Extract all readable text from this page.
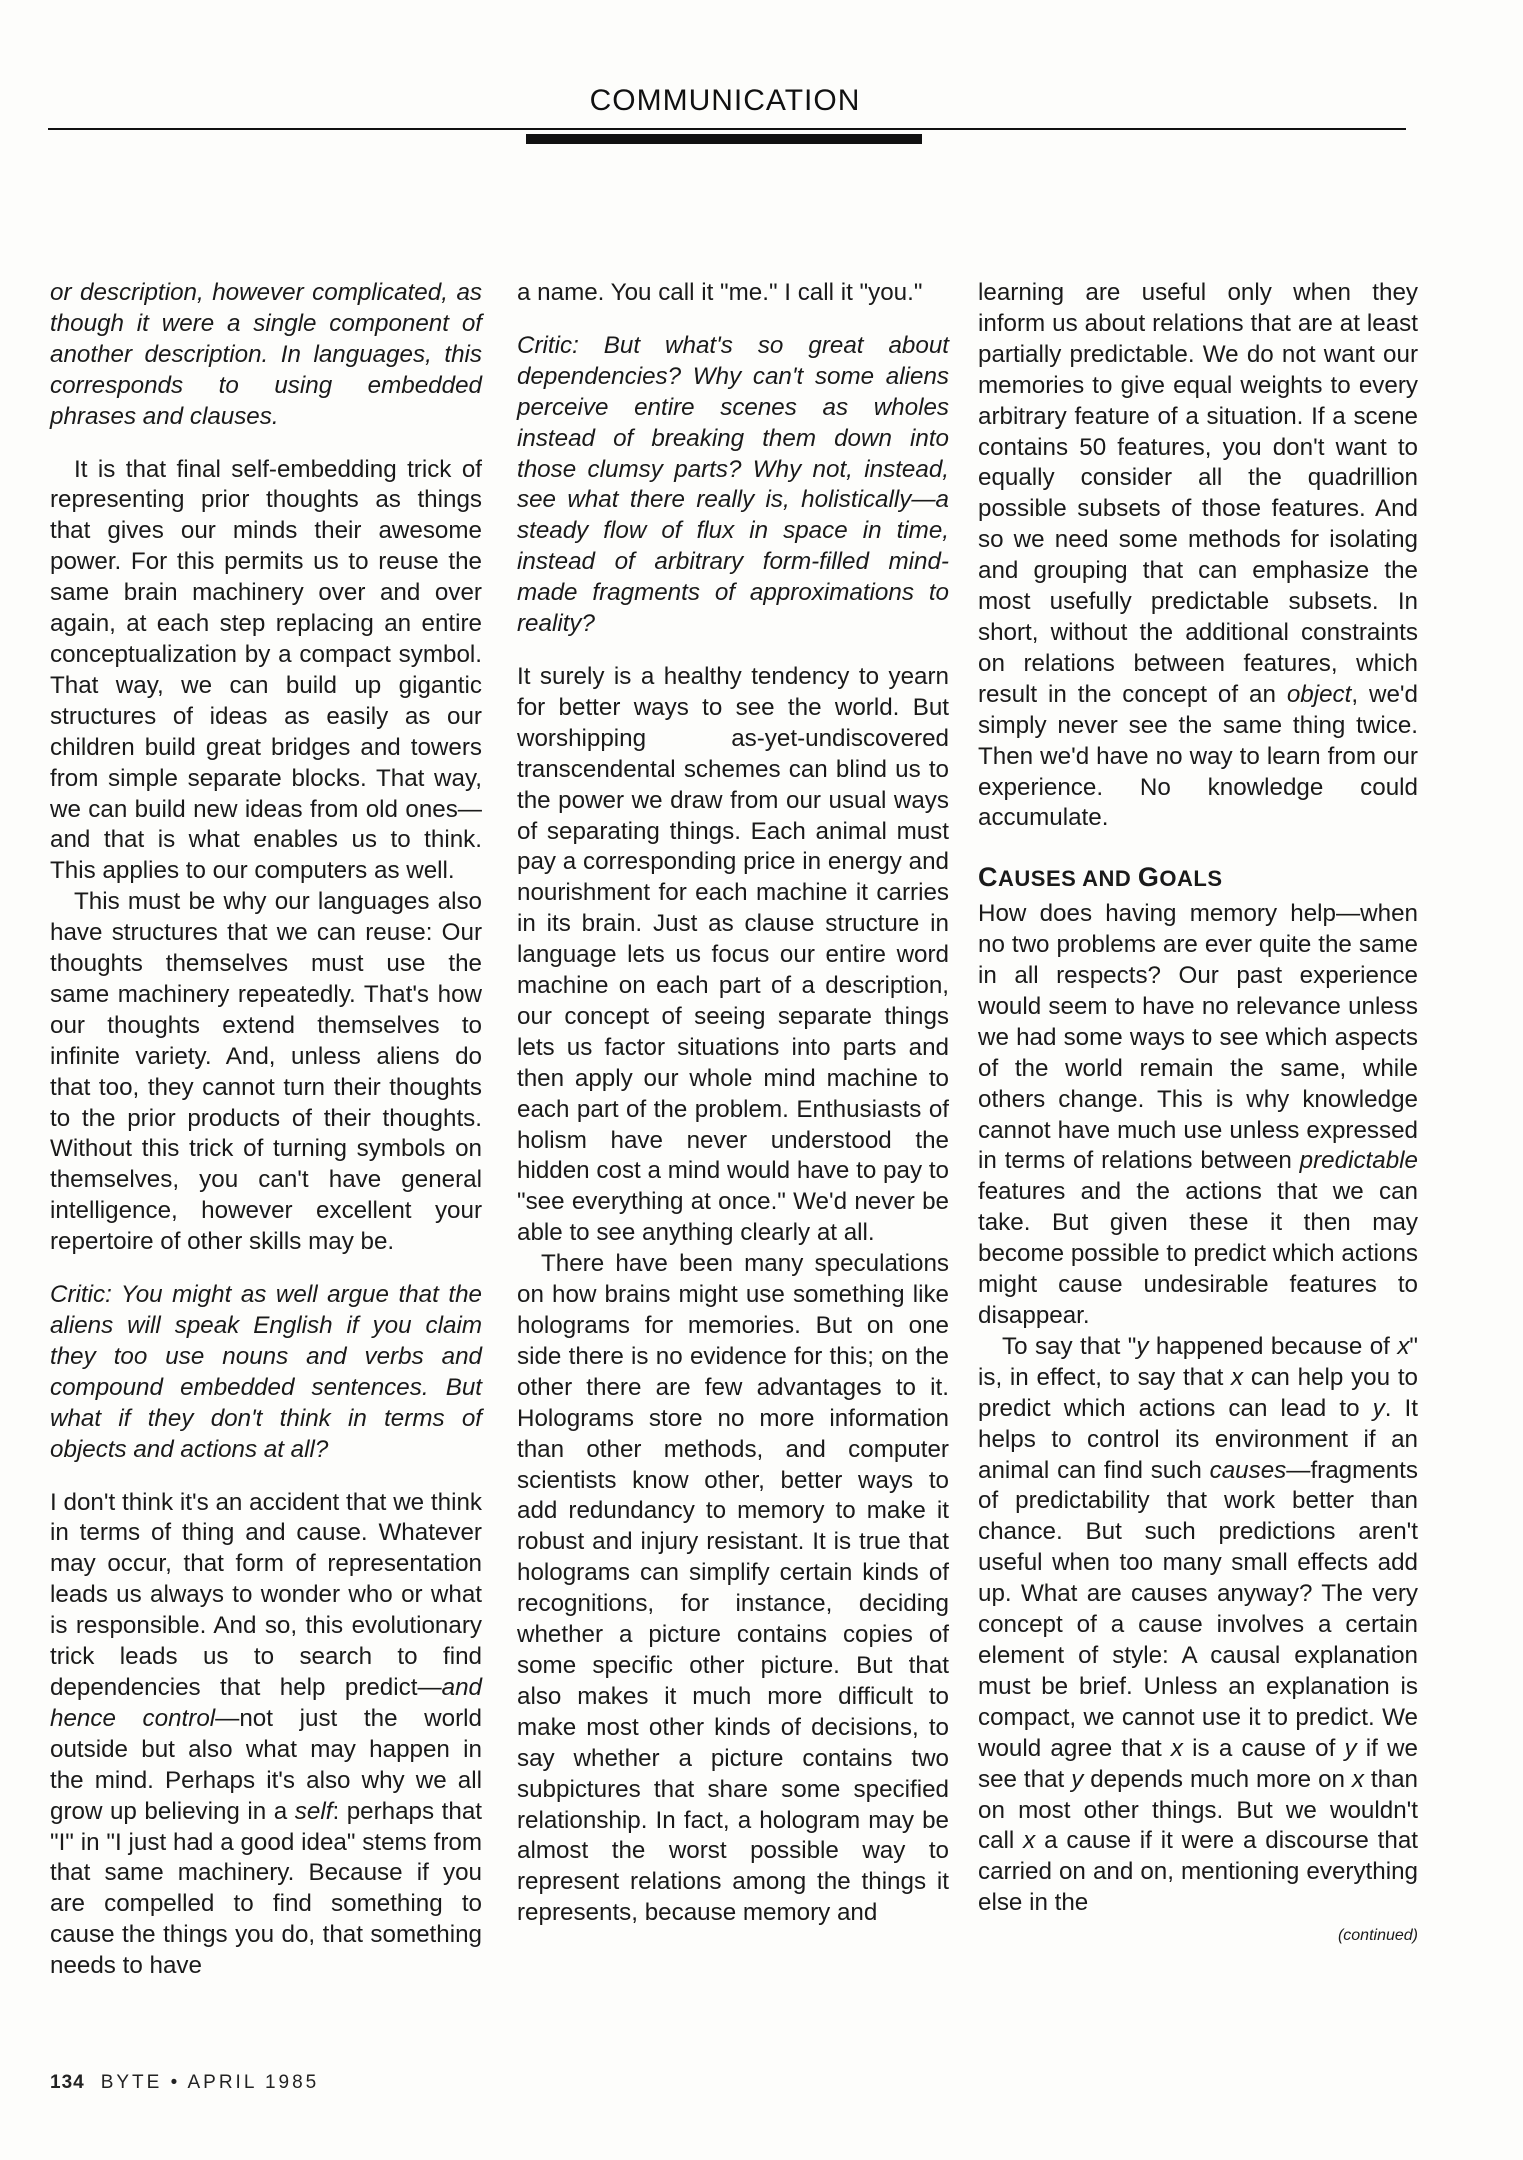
COMMUNICATION

or description, however complicated, as though it were a single component of another description. In languages, this corresponds to using embedded phrases and clauses.

It is that final self-embedding trick of representing prior thoughts as things that gives our minds their awesome power. For this permits us to reuse the same brain machinery over and over again, at each step replacing an entire conceptualization by a compact symbol. That way, we can build up gigantic structures of ideas as easily as our children build great bridges and towers from simple separate blocks. That way, we can build new ideas from old ones—and that is what enables us to think. This applies to our computers as well.

This must be why our languages also have structures that we can reuse: Our thoughts themselves must use the same machinery repeatedly. That's how our thoughts extend themselves to infinite variety. And, unless aliens do that too, they cannot turn their thoughts to the prior products of their thoughts. Without this trick of turning symbols on themselves, you can't have general intelligence, however excellent your repertoire of other skills may be.

Critic: You might as well argue that the aliens will speak English if you claim they too use nouns and verbs and compound embedded sentences. But what if they don't think in terms of objects and actions at all?

I don't think it's an accident that we think in terms of thing and cause. Whatever may occur, that form of representation leads us always to wonder who or what is responsible. And so, this evolutionary trick leads us to search to find dependencies that help predict—and hence control—not just the world outside but also what may happen in the mind. Perhaps it's also why we all grow up believing in a self: perhaps that "I" in "I just had a good idea" stems from that same machinery. Because if you are compelled to find something to cause the things you do, that something needs to have

a name. You call it "me." I call it "you."

Critic: But what's so great about dependencies? Why can't some aliens perceive entire scenes as wholes instead of breaking them down into those clumsy parts? Why not, instead, see what there really is, holistically—a steady flow of flux in space in time, instead of arbitrary form-filled mind-made fragments of approximations to reality?

It surely is a healthy tendency to yearn for better ways to see the world. But worshipping as-yet-undiscovered transcendental schemes can blind us to the power we draw from our usual ways of separating things. Each animal must pay a corresponding price in energy and nourishment for each machine it carries in its brain. Just as clause structure in language lets us focus our entire word machine on each part of a description, our concept of seeing separate things lets us factor situations into parts and then apply our whole mind machine to each part of the problem. Enthusiasts of holism have never understood the hidden cost a mind would have to pay to "see everything at once." We'd never be able to see anything clearly at all.

There have been many speculations on how brains might use something like holograms for memories. But on one side there is no evidence for this; on the other there are few advantages to it. Holograms store no more information than other methods, and computer scientists know other, better ways to add redundancy to memory to make it robust and injury resistant. It is true that holograms can simplify certain kinds of recognitions, for instance, deciding whether a picture contains copies of some specific other picture. But that also makes it much more difficult to make most other kinds of decisions, to say whether a picture contains two subpictures that share some specified relationship. In fact, a hologram may be almost the worst possible way to represent relations among the things it represents, because memory and

learning are useful only when they inform us about relations that are at least partially predictable. We do not want our memories to give equal weights to every arbitrary feature of a situation. If a scene contains 50 features, you don't want to equally consider all the quadrillion possible subsets of those features. And so we need some methods for isolating and grouping that can emphasize the most usefully predictable subsets. In short, without the additional constraints on relations between features, which result in the concept of an object, we'd simply never see the same thing twice. Then we'd have no way to learn from our experience. No knowledge could accumulate.

CAUSES AND GOALS

How does having memory help—when no two problems are ever quite the same in all respects? Our past experience would seem to have no relevance unless we had some ways to see which aspects of the world remain the same, while others change. This is why knowledge cannot have much use unless expressed in terms of relations between predictable features and the actions that we can take. But given these it then may become possible to predict which actions might cause undesirable features to disappear.

To say that "y happened because of x" is, in effect, to say that x can help you to predict which actions can lead to y. It helps to control its environment if an animal can find such causes—fragments of predictability that work better than chance. But such predictions aren't useful when too many small effects add up. What are causes anyway? The very concept of a cause involves a certain element of style: A causal explanation must be brief. Unless an explanation is compact, we cannot use it to predict. We would agree that x is a cause of y if we see that y depends much more on x than on most other things. But we wouldn't call x a cause if it were a discourse that carried on and on, mentioning everything else in the

(continued)
134 BYTE • APRIL 1985
